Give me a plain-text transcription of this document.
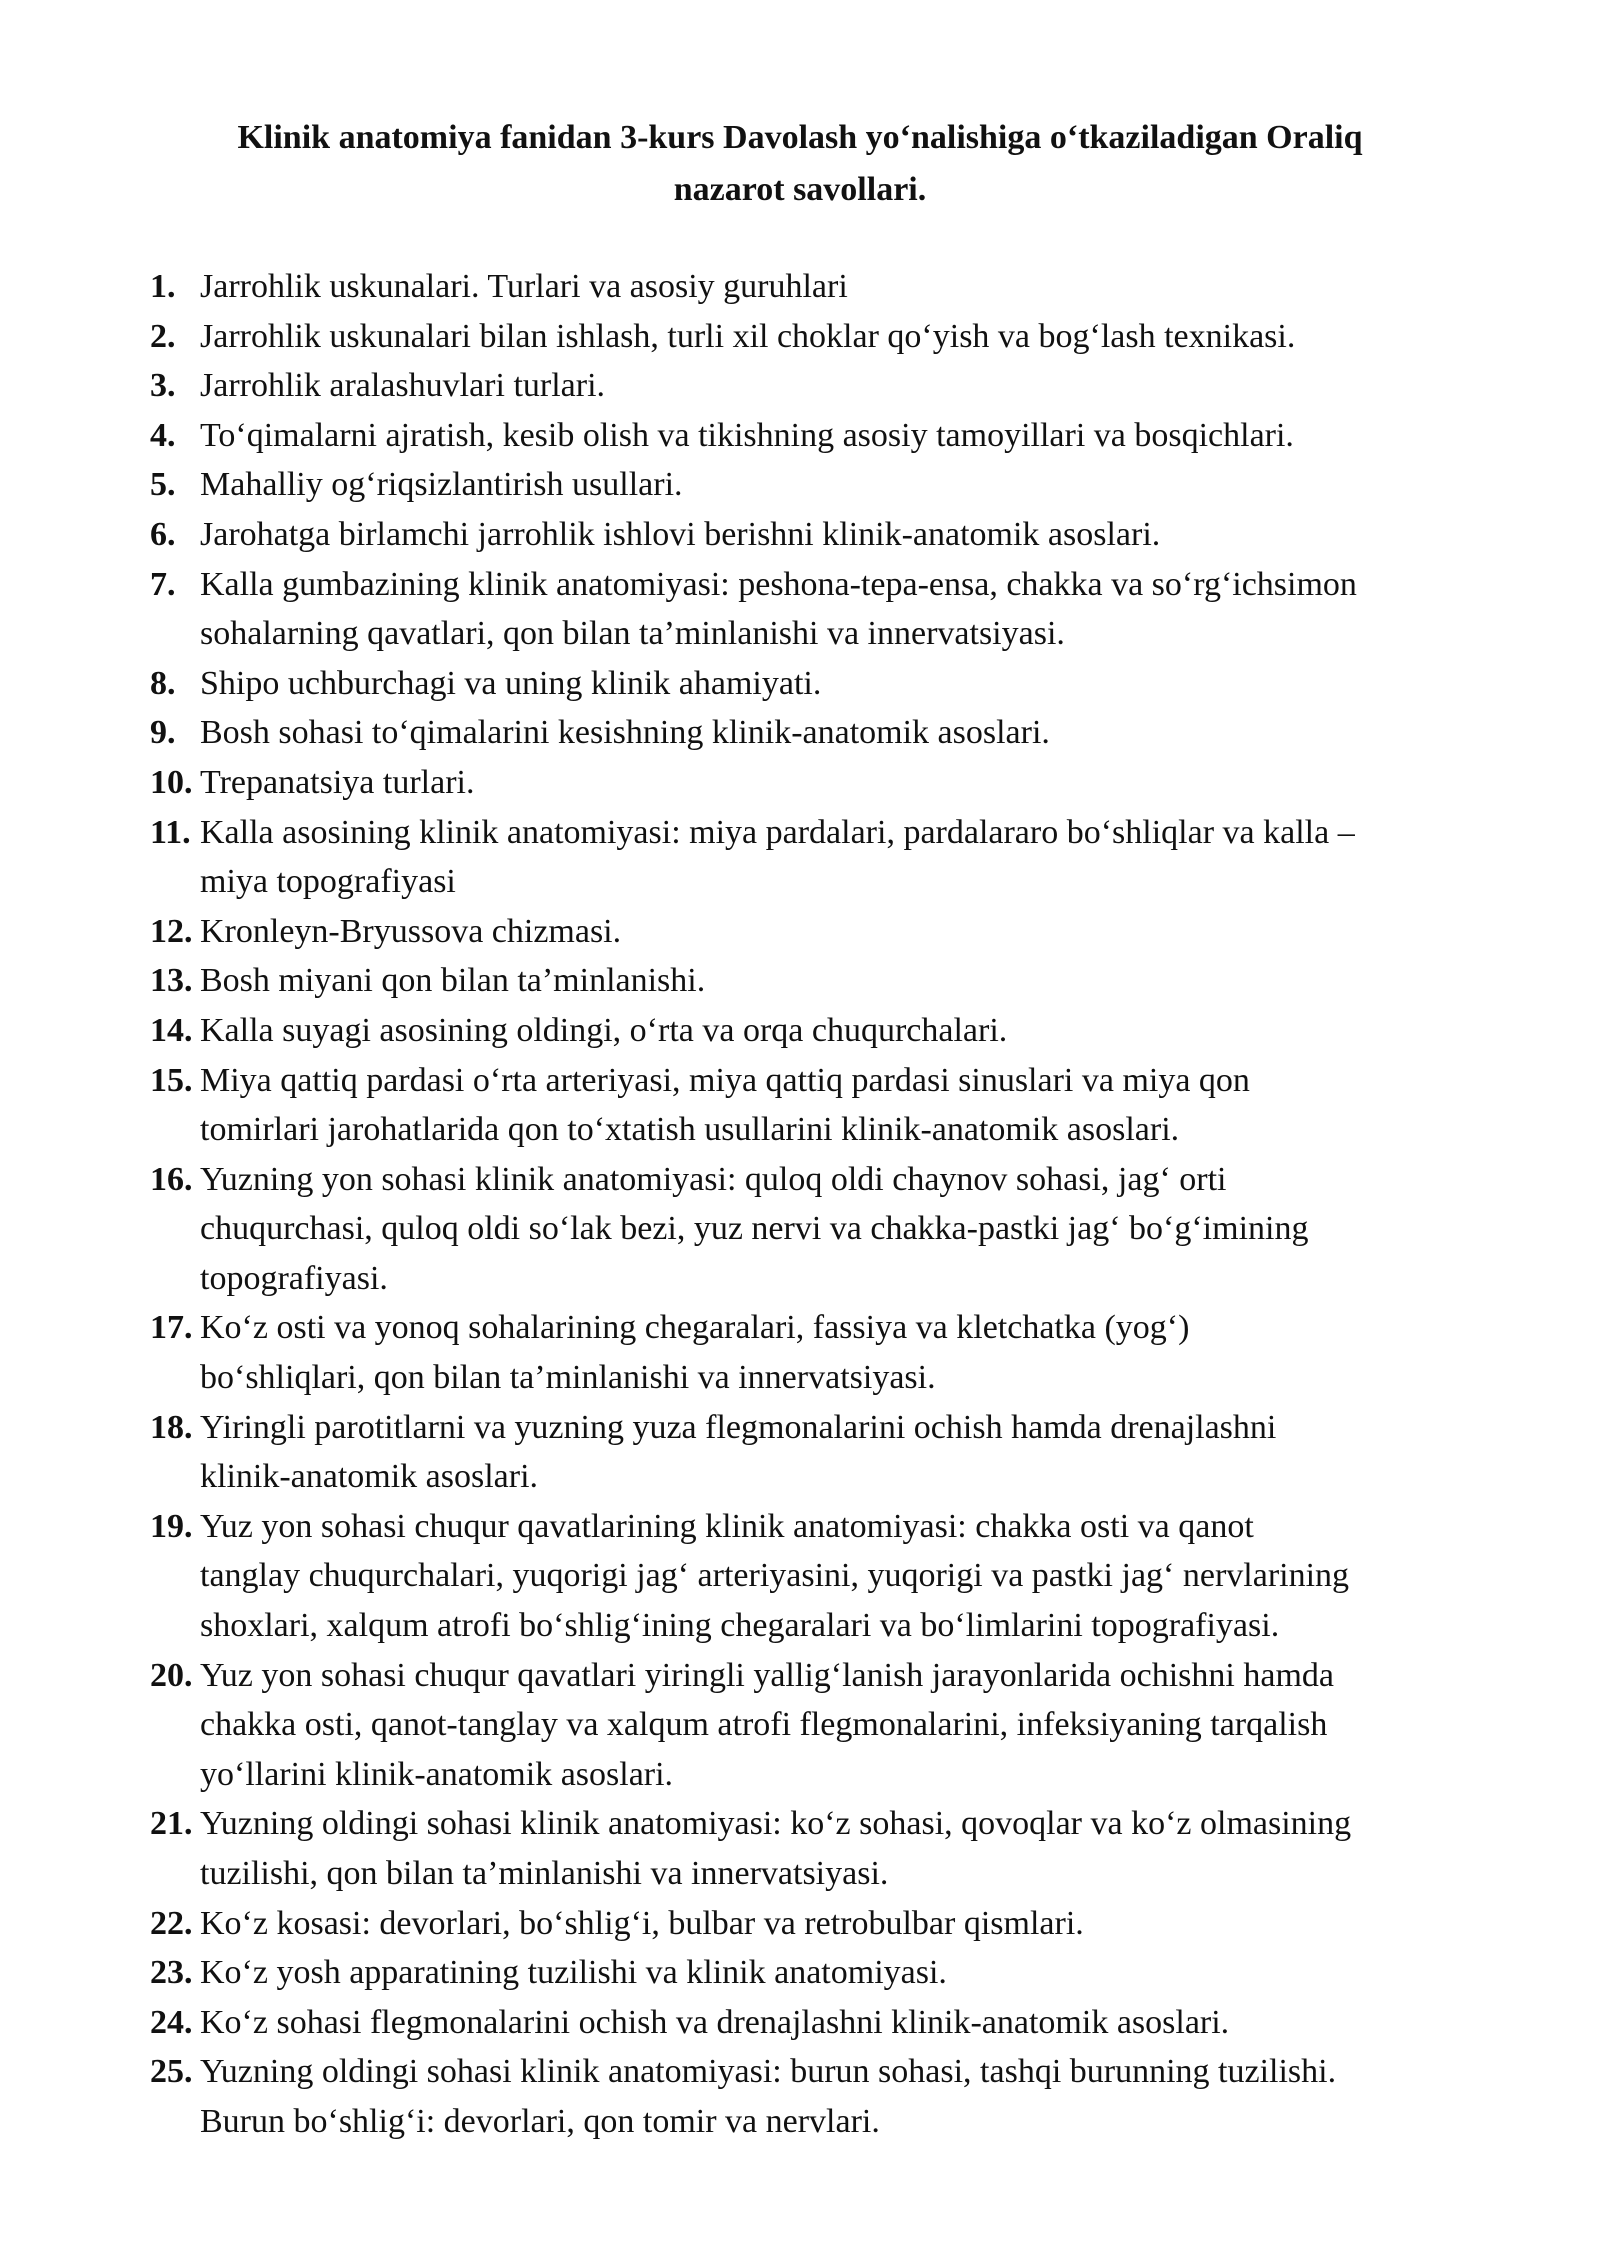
Klinik anatomiya fanidan 3-kurs Davolash yo‘nalishiga o‘tkaziladigan Oraliq
nazarot savollari.
1. Jarrohlik uskunalari. Turlari va asosiy guruhlari
2. Jarrohlik uskunalari bilan ishlash, turli xil choklar qo‘yish va bog‘lash texnikasi.
3. Jarrohlik aralashuvlari turlari.
4. To‘qimalarni ajratish, kesib olish va tikishning asosiy tamoyillari va bosqichlari.
5. Mahalliy og‘riqsizlantirish usullari.
6. Jarohatga birlamchi jarrohlik ishlovi berishni klinik-anatomik asoslari.
7. Kalla gumbazining klinik anatomiyasi: peshona-tepa-ensa, chakka va so‘rg‘ichsimon
sohalarning qavatlari, qon bilan ta’minlanishi va innervatsiyasi.
8. Shipo uchburchagi va uning klinik ahamiyati.
9. Bosh sohasi to‘qimalarini kesishning klinik-anatomik asoslari.
10. Trepanatsiya turlari.
11. Kalla asosining klinik anatomiyasi: miya pardalari, pardalararo bo‘shliqlar va kalla –
miya topografiyasi
12. Kronleyn-Bryussova chizmasi.
13. Bosh miyani qon bilan ta’minlanishi.
14. Kalla suyagi asosining oldingi, o‘rta va orqa chuqurchalari.
15. Miya qattiq pardasi o‘rta arteriyasi, miya qattiq pardasi sinuslari va miya qon
tomirlari jarohatlarida qon to‘xtatish usullarini klinik-anatomik asoslari.
16. Yuzning yon sohasi klinik anatomiyasi: quloq oldi chaynov sohasi, jag‘ orti
chuqurchasi, quloq oldi so‘lak bezi, yuz nervi va chakka-pastki jag‘ bo‘g‘imining
topografiyasi.
17. Ko‘z osti va yonoq sohalarining chegaralari, fassiya va kletchatka (yog‘)
bo‘shliqlari, qon bilan ta’minlanishi va innervatsiyasi.
18. Yiringli parotitlarni va yuzning yuza flegmonalarini ochish hamda drenajlashni
klinik-anatomik asoslari.
19. Yuz yon sohasi chuqur qavatlarining klinik anatomiyasi: chakka osti va qanot
tanglay chuqurchalari, yuqorigi jag‘ arteriyasini, yuqorigi va pastki jag‘ nervlarining
shoxlari, xalqum atrofi bo‘shlig‘ining chegaralari va bo‘limlarini topografiyasi.
20. Yuz yon sohasi chuqur qavatlari yiringli yallig‘lanish jarayonlarida ochishni hamda
chakka osti, qanot-tanglay va xalqum atrofi flegmonalarini, infeksiyaning tarqalish
yo‘llarini klinik-anatomik asoslari.
21. Yuzning oldingi sohasi klinik anatomiyasi: ko‘z sohasi, qovoqlar va ko‘z olmasining
tuzilishi, qon bilan ta’minlanishi va innervatsiyasi.
22. Ko‘z kosasi: devorlari, bo‘shlig‘i, bulbar va retrobulbar qismlari.
23. Ko‘z yosh apparatining tuzilishi va klinik anatomiyasi.
24. Ko‘z sohasi flegmonalarini ochish va drenajlashni klinik-anatomik asoslari.
25. Yuzning oldingi sohasi klinik anatomiyasi: burun sohasi, tashqi burunning tuzilishi.
Burun bo‘shlig‘i: devorlari, qon tomir va nervlari.
